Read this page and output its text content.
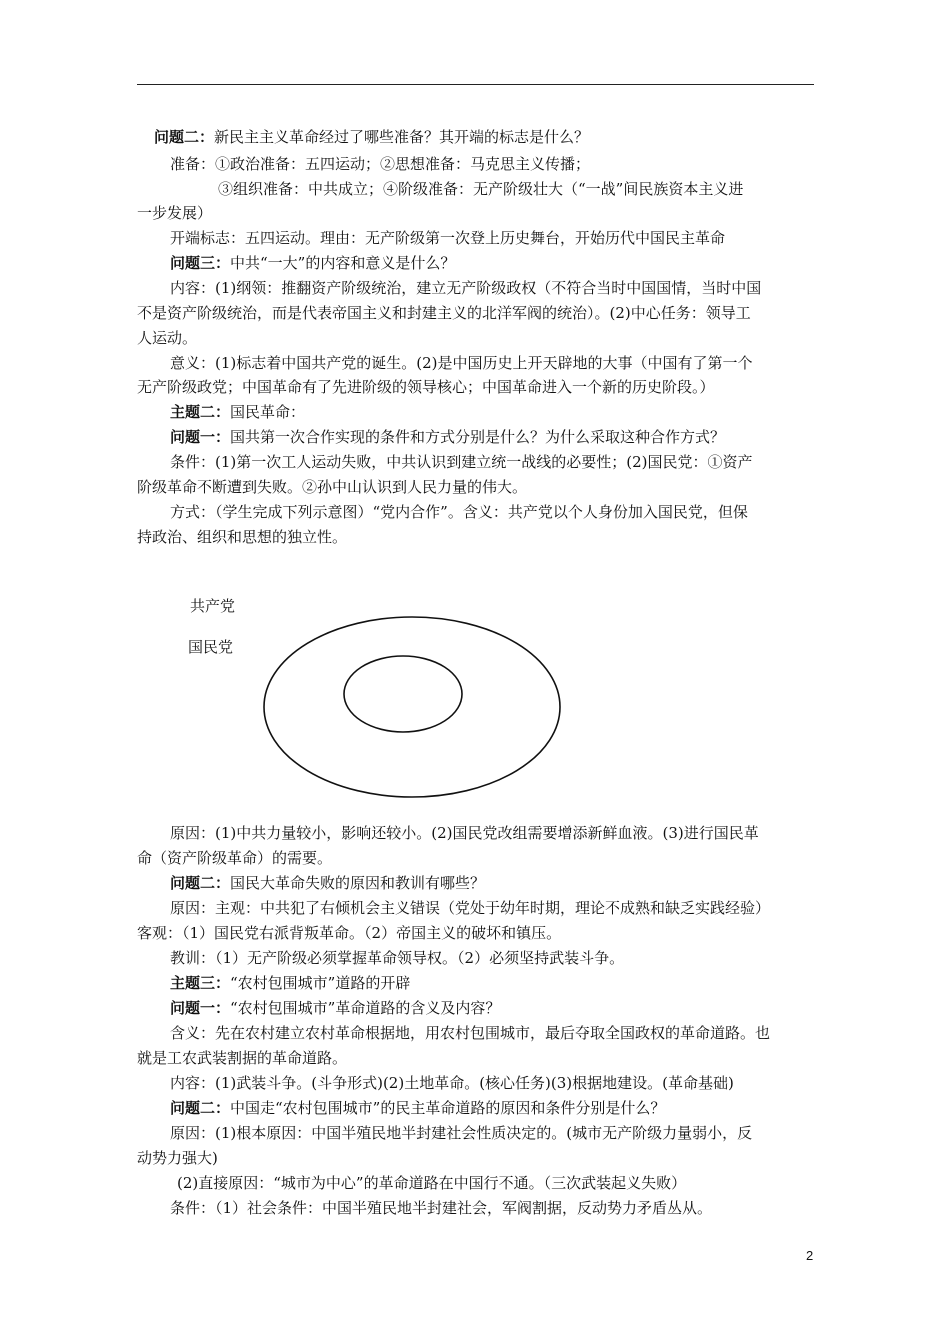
问题二：新民主主义革命经过了哪些准备？其开端的标志是什么？
准备：①政治准备：五四运动；②思想准备：马克思主义传播；
③组织准备：中共成立；④阶级准备：无产阶级壮大（“一战”间民族资本主义进
一步发展）
开端标志：五四运动。理由：无产阶级第一次登上历史舞台，开始历代中国民主革命
问题三：中共“一大”的内容和意义是什么？
内容：(1)纲领：推翻资产阶级统治，建立无产阶级政权（不符合当时中国国情，当时中国
不是资产阶级统治，而是代表帝国主义和封建主义的北洋军阀的统治）。(2)中心任务：领导工
人运动。
意义：(1)标志着中国共产党的诞生。(2)是中国历史上开天辟地的大事（中国有了第一个
无产阶级政党；中国革命有了先进阶级的领导核心；中国革命进入一个新的历史阶段。）
主题二：国民革命：
问题一：国共第一次合作实现的条件和方式分别是什么？为什么采取这种合作方式？
条件：(1)第一次工人运动失败，中共认识到建立统一战线的必要性；(2)国民党：①资产
阶级革命不断遭到失败。②孙中山认识到人民力量的伟大。
方式：（学生完成下列示意图）“党内合作”。含义：共产党以个人身份加入国民党，但保
持政治、组织和思想的独立性。
共产党
国民党
原因：(1)中共力量较小，影响还较小。(2)国民党改组需要增添新鲜血液。(3)进行国民革
命（资产阶级革命）的需要。
问题二：国民大革命失败的原因和教训有哪些？
原因：主观：中共犯了右倾机会主义错误（党处于幼年时期，理论不成熟和缺乏实践经验）
客观：（1）国民党右派背叛革命。（2）帝国主义的破坏和镇压。
教训：（1）无产阶级必须掌握革命领导权。（2）必须坚持武装斗争。
主题三：“农村包围城市”道路的开辟
问题一：“农村包围城市”革命道路的含义及内容？
含义：先在农村建立农村革命根据地，用农村包围城市，最后夺取全国政权的革命道路。也
就是工农武装割据的革命道路。
内容：(1)武装斗争。(斗争形式)(2)土地革命。(核心任务)(3)根据地建设。(革命基础)
问题二：中国走“农村包围城市”的民主革命道路的原因和条件分别是什么？
原因：(1)根本原因：中国半殖民地半封建社会性质决定的。(城市无产阶级力量弱小，反
动势力强大)
(2)直接原因：“城市为中心”的革命道路在中国行不通。（三次武装起义失败）
条件：（1）社会条件：中国半殖民地半封建社会，军阀割据，反动势力矛盾丛从。
2
